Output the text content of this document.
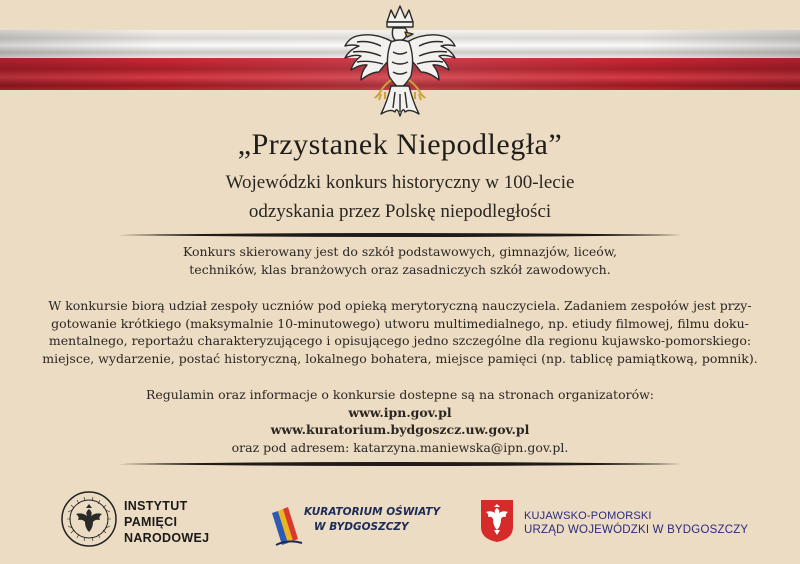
„Przystanek Niepodległa”
Wojewódzki konkurs historyczny w 100-lecie
odzyskania przez Polskę niepodległości
Konkurs skierowany jest do szkół podstawowych, gimnazjów, liceów,
techników, klas branżowych oraz zasadniczych szkół zawodowych.
W konkursie biorą udział zespoły uczniów pod opieką merytoryczną nauczyciela. Zadaniem zespołów jest przy-
gotowanie krótkiego (maksymalnie 10-minutowego) utworu multimedialnego, np. etiudy filmowej, filmu doku-
mentalnego, reportażu charakteryzującego i opisującego jedno szczególne dla regionu kujawsko-pomorskiego:
miejsce, wydarzenie, postać historyczną, lokalnego bohatera, miejsce pamięci (np. tablicę pamiątkową, pomnik).
Regulamin oraz informacje o konkursie dostepne są na stronach organizatorów:
www.ipn.gov.pl
www.kuratorium.bydgoszcz.uw.gov.pl
oraz pod adresem: katarzyna.maniewska@ipn.gov.pl.
INSTYTUT
PAMIĘCI
NARODOWEJ
KURATORIUM OŚWIATY
W BYDGOSZCZY
KUJAWSKO-POMORSKI
URZĄD WOJEWÓDZKI W BYDGOSZCZY
